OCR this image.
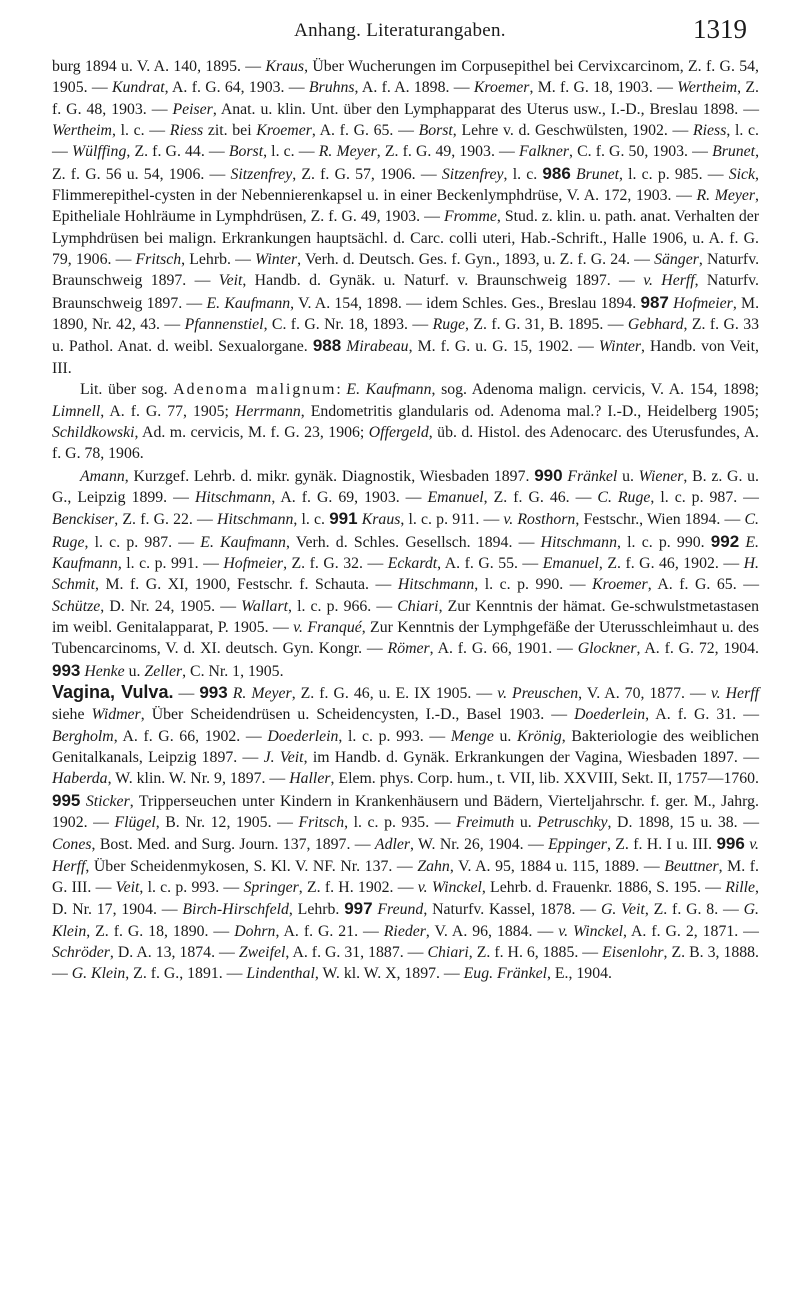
Anhang. Literaturangaben.	1319

burg 1894 u. V. A. 140, 1895. — Kraus, Über Wucherungen im Corpusepithel bei Cervixcarcinom, Z. f. G. 54, 1905. — Kundrat, A. f. G. 64, 1903. — Bruhns, A. f. A. 1898. — Kroemer, M. f. G. 18, 1903. — Wertheim, Z. f. G. 48, 1903. — Peiser, Anat. u. klin. Unt. über den Lymphapparat des Uterus usw., I.-D., Breslau 1898. — Wertheim, l. c. — Riess zit. bei Kroemer, A. f. G. 65. — Borst, Lehre v. d. Geschwülsten, 1902. — Riess, l. c. — Wülffing, Z. f. G. 44. — Borst, l. c. — R. Meyer, Z. f. G. 49, 1903. — Falkner, C. f. G. 50, 1903. — Brunet, Z. f. G. 56 u. 54, 1906. — Sitzenfrey, Z. f. G. 57, 1906. — Sitzenfrey, l. c. 986 Brunet, l. c. p. 985. — Sick, Flimmerepithel-cysten in der Nebennierenkapsel u. in einer Beckenlymphdrüse, V. A. 172, 1903. — R. Meyer, Epitheliale Hohlräume in Lymphdrüsen, Z. f. G. 49, 1903. — Fromme, Stud. z. klin. u. path. anat. Verhalten der Lymphdrüsen bei malign. Erkrankungen hauptsächl. d. Carc. colli uteri, Hab.-Schrift., Halle 1906, u. A. f. G. 79, 1906. — Fritsch, Lehrb. — Winter, Verh. d. Deutsch. Ges. f. Gyn., 1893, u. Z. f. G. 24. — Sänger, Naturfv. Braunschweig 1897. — Veit, Handb. d. Gynäk. u. Naturf. v. Braunschweig 1897. — v. Herff, Naturfv. Braunschweig 1897. — E. Kaufmann, V. A. 154, 1898. — idem Schles. Ges., Breslau 1894. 987 Hofmeier, M. 1890, Nr. 42, 43. — Pfannenstiel, C. f. G. Nr. 18, 1893. — Ruge, Z. f. G. 31, B. 1895. — Gebhard, Z. f. G. 33 u. Pathol. Anat. d. weibl. Sexualorgane. 988 Mirabeau, M. f. G. u. G. 15, 1902. — Winter, Handb. von Veit, III.

Lit. über sog. Adenoma malignum: E. Kaufmann, sog. Adenoma malign. cervicis, V. A. 154, 1898; Limnell, A. f. G. 77, 1905; Herrmann, Endometritis glandularis od. Adenoma mal.? I.-D., Heidelberg 1905; Schildkowski, Ad. m. cervicis, M. f. G. 23, 1906; Offergeld, üb. d. Histol. des Adenocarc. des Uterusfundes, A. f. G. 78, 1906.

Amann, Kurzgef. Lehrb. d. mikr. gynäk. Diagnostik, Wiesbaden 1897. 990 Fränkel u. Wiener, B. z. G. u. G., Leipzig 1899. — Hitschmann, A. f. G. 69, 1903. — Emanuel, Z. f. G. 46. — C. Ruge, l. c. p. 987. — Benckiser, Z. f. G. 22. — Hitschmann, l. c. 991 Kraus, l. c. p. 911. — v. Rosthorn, Festschr., Wien 1894. — C. Ruge, l. c. p. 987. — E. Kaufmann, Verh. d. Schles. Gesellsch. 1894. — Hitschmann, l. c. p. 990. 992 E. Kaufmann, l. c. p. 991. — Hofmeier, Z. f. G. 32. — Eckardt, A. f. G. 55. — Emanuel, Z. f. G. 46, 1902. — H. Schmit, M. f. G. XI, 1900, Festschr. f. Schauta. — Hitschmann, l. c. p. 990. — Kroemer, A. f. G. 65. — Schütze, D. Nr. 24, 1905. — Wallart, l. c. p. 966. — Chiari, Zur Kenntnis der hämat. Ge-schwulstmetastasen im weibl. Genitalapparat, P. 1905. — v. Franqué, Zur Kenntnis der Lymphgefäße der Uterusschleimhaut u. des Tubencarcinoms, V. d. XI. deutsch. Gyn. Kongr. — Römer, A. f. G. 66, 1901. — Glockner, A. f. G. 72, 1904. 993 Henke u. Zeller, C. Nr. 1, 1905.

Vagina, Vulva. — 993 R. Meyer, Z. f. G. 46, u. E. IX 1905. — v. Preuschen, V. A. 70, 1877. — v. Herff siehe Widmer, Über Scheidendrüsen u. Scheidencysten, I.-D., Basel 1903. — Doederlein, A. f. G. 31. — Bergholm, A. f. G. 66, 1902. — Doederlein, l. c. p. 993. — Menge u. Krönig, Bakteriologie des weiblichen Genitalkanals, Leipzig 1897. — J. Veit, im Handb. d. Gynäk. Erkrankungen der Vagina, Wiesbaden 1897. — Haberda, W. klin. W. Nr. 9, 1897. — Haller, Elem. phys. Corp. hum., t. VII, lib. XXVIII, Sekt. II, 1757—1760. 995 Sticker, Tripperseuchen unter Kindern in Krankenhäusern und Bädern, Vierteljahrschr. f. ger. M., Jahrg. 1902. — Flügel, B. Nr. 12, 1905. — Fritsch, l. c. p. 935. — Freimuth u. Petruschky, D. 1898, 15 u. 38. — Cones, Bost. Med. and Surg. Journ. 137, 1897. — Adler, W. Nr. 26, 1904. — Eppinger, Z. f. H. I u. III. 996 v. Herff, Über Scheidenmykosen, S. Kl. V. NF. Nr. 137. — Zahn, V. A. 95, 1884 u. 115, 1889. — Beuttner, M. f. G. III. — Veit, l. c. p. 993. — Springer, Z. f. H. 1902. — v. Winckel, Lehrb. d. Frauenkr. 1886, S. 195. — Rille, D. Nr. 17, 1904. — Birch-Hirschfeld, Lehrb. 997 Freund, Naturfv. Kassel, 1878. — G. Veit, Z. f. G. 8. — G. Klein, Z. f. G. 18, 1890. — Dohrn, A. f. G. 21. — Rieder, V. A. 96, 1884. — v. Winckel, A. f. G. 2, 1871. — Schröder, D. A. 13, 1874. — Zweifel, A. f. G. 31, 1887. — Chiari, Z. f. H. 6, 1885. — Eisenlohr, Z. B. 3, 1888. — G. Klein, Z. f. G., 1891. — Lindenthal, W. kl. W. X, 1897. — Eug. Fränkel, E., 1904.
